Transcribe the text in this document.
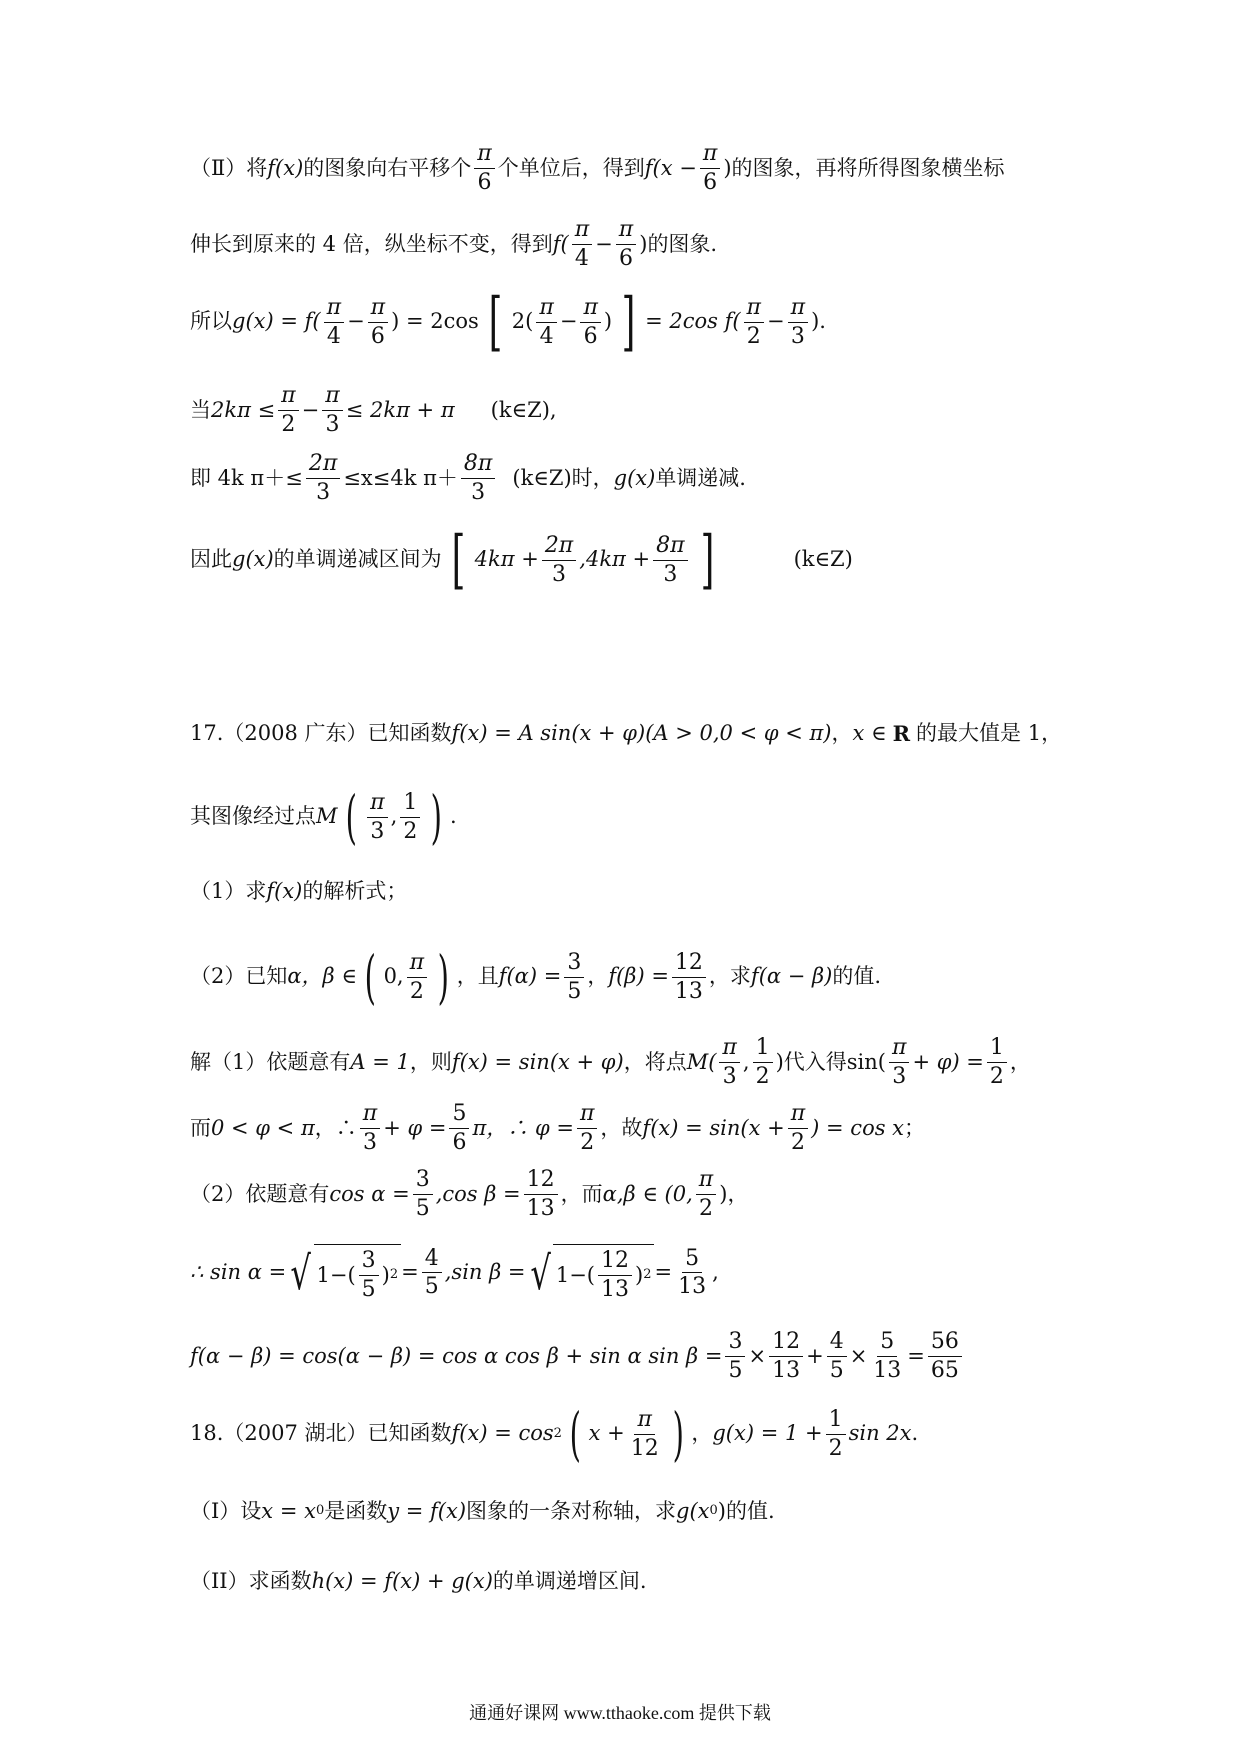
（Ⅱ）将 f(x) 的图象向右平移个 $\frac{\pi}{6}$ 个单位后，得到 $f(x - \frac{\pi}{6}$ ) 的图象，再将所得图象横坐标
伸长到原来的 4 倍，纵坐标不变，得到 $f( \frac{\pi}{4} - \frac{\pi}{6}$ ) 的图象.
所以 $g(x) = f( \frac{\pi}{4} - \frac{\pi}{6}$ ) = 2cos [ $2( \frac{\pi}{4} - \frac{\pi}{6}$ ) ] = 2cos $f( \frac{\pi}{2} - \frac{\pi}{3}$ ).
当 $2k\pi \le \frac{\pi}{2} - \frac{\pi}{3} \le 2k\pi + \pi$ (k∈Z),
即 4k $\pi+\le \frac{2\pi}{3} \le x\le 4k$ $\pi+ \frac{8\pi}{3}$ (k∈Z)时， g(x) 单调递减.
因此 g(x) 的单调递减区间为 [ $4k\pi + \frac{2\pi}{3} ,4k\pi + \frac{8\pi}{3}$ ]	(k∈Z)
17.（2008 广东）已知函数 f(x) = A sin(x + φ)(A > 0,0 < φ < π) ， x ∈ R 的最大值是 1，
其图像经过点 M ( $\frac{\pi}{3}$ , $\frac{1}{2}$ ) .
（1）求 f(x) 的解析式；
（2）已知 α，β ∈ ( 0, $\frac{\pi}{2}$ ) ，且 $f(\alpha) = \frac{3}{5}$ ， $f(\beta) = \frac{12}{13}$ ，求 f(α − β) 的值.
解（1）依题意有 A = 1 ，则 f(x) = sin(x + φ) ，将点 $M( \frac{\pi}{3}$ , $\frac{1}{2}$ ) 代入得 $\sin( \frac{\pi}{3} + \varphi) = \frac{1}{2}$ ，
而 0 < φ < π ，∴ $\frac{\pi}{3} + \varphi = \frac{5}{6}$ π ，∴ $\varphi = \frac{\pi}{2}$ ，故 $f(x) = \sin(x + \frac{\pi}{2}$ ) = cos x ；
（2）依题意有 $\cos \alpha = \frac{3}{5} ,\cos$ $\beta = \frac{12}{13}$ ，而 α,β ∈ (0, $\frac{\pi}{2}$ ) ，
∴ sin α = √ $1-( \frac{3}{5}$ ) $2 = \frac{4}{5} ,\sin$ β = √ $1-( \frac{12}{13}$ ) $2 = \frac{5}{13}$ ,
f(α − β) = cos(α − β) = cos α cos β + sin α $\sin \beta = \frac{3}{5} \times \frac{12}{13} + \frac{4}{5} \times \frac{5}{13} = \frac{56}{65}$
18.（2007 湖北）已知函数 f(x) = cos 2 ( $x + \frac{\pi}{12}$ ) ， $g(x) = 1 + \frac{1}{2}$ sin 2x .
（I）设 x = x 0 是函数 y = f(x) 图象的一条对称轴，求 g(x 0 ) 的值.
（II）求函数 h(x) = f(x) + g(x) 的单调递增区间.
通通好课网 www.tthaoke.com 提供下载
